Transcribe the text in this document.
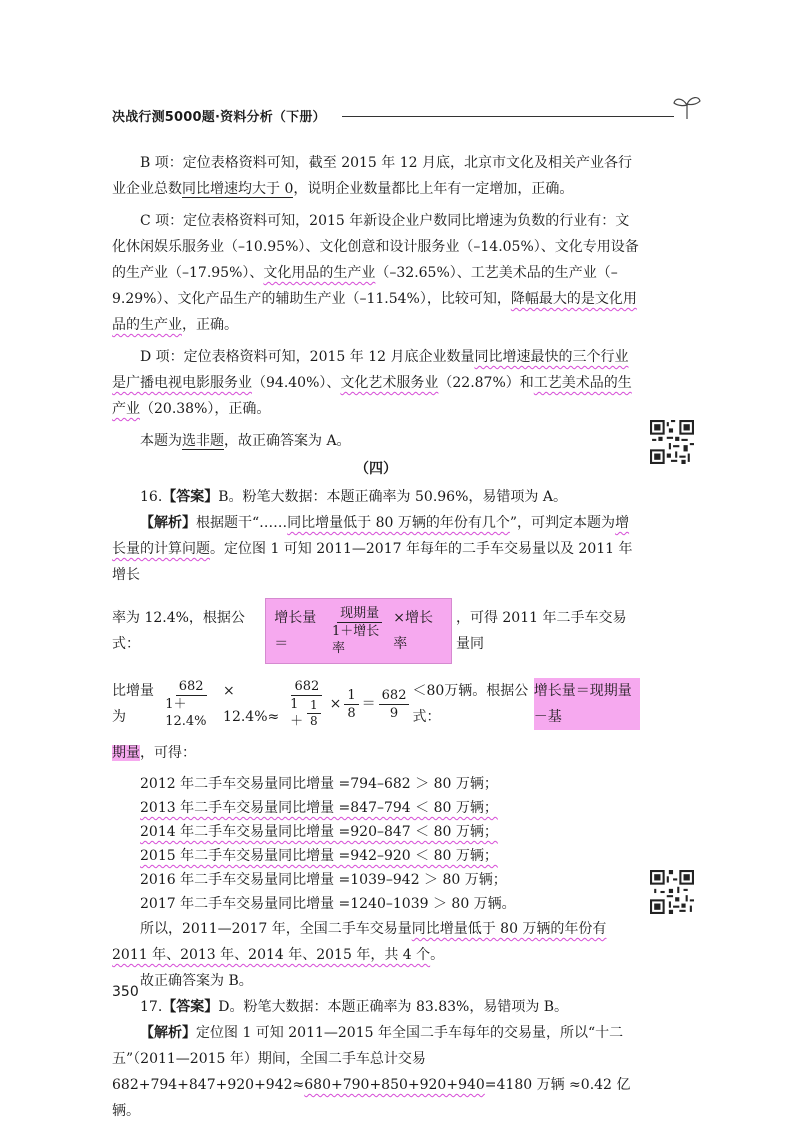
决战行测5000题·资料分析（下册）

B 项：定位表格资料可知，截至 2015 年 12 月底，北京市文化及相关产业各行业企业总数同比增速均大于 0，说明企业数量都比上年有一定增加，正确。

C 项：定位表格资料可知，2015 年新设企业户数同比增速为负数的行业有：文化休闲娱乐服务业（–10.95%）、文化创意和设计服务业（–14.05%）、文化专用设备的生产业（–17.95%）、文化用品的生产业（–32.65%）、工艺美术品的生产业（–9.29%）、文化产品生产的辅助生产业（–11.54%），比较可知，降幅最大的是文化用品的生产业，正确。

D 项：定位表格资料可知，2015 年 12 月底企业数量同比增速最快的三个行业是广播电视电影服务业（94.40%）、文化艺术服务业（22.87%）和工艺美术品的生产业（20.38%），正确。

本题为选非题，故正确答案为 A。

（四）

16.【答案】B。粉笔大数据：本题正确率为 50.96%，易错项为 A。

【解析】根据题干“……同比增量低于 80 万辆的年份有几个”，可判定本题为增长量的计算问题。定位图 1 可知 2011—2017 年每年的二手车交易量以及 2011 年增长

率为 12.4%，根据公式：
增长量＝	$\frac{\text{现期量}}{\text{1＋增长率}}$ ×增长率
，可得 2011 年二手车交易量同
比增量为	$\frac{682}{1+12.4\%} \times 12.4\%\approx \frac{682}{1+ \frac{1}{8}} \times \frac{1}{8} = \frac{682}{9} <80$万辆。根据公式：
增长量＝现期量－基

期量，可得：

2012 年二手车交易量同比增量 =794–682 ＞ 80 万辆；

2013 年二手车交易量同比增量 =847–794 ＜ 80 万辆；

2014 年二手车交易量同比增量 =920–847 ＜ 80 万辆；

2015 年二手车交易量同比增量 =942–920 ＜ 80 万辆；

2016 年二手车交易量同比增量 =1039–942 ＞ 80 万辆；

2017 年二手车交易量同比增量 =1240–1039 ＞ 80 万辆。

所以，2011—2017 年，全国二手车交易量同比增量低于 80 万辆的年份有 2011 年、2013 年、2014 年、2015 年，共 4 个。

故正确答案为 B。

17.【答案】D。粉笔大数据：本题正确率为 83.83%，易错项为 B。

【解析】定位图 1 可知 2011—2015 年全国二手车每年的交易量，所以“十二五”（2011—2015 年）期间，全国二手车总计交易 682+794+847+920+942≈680+790+850+920+940=4180 万辆 ≈0.42 亿辆。

350
